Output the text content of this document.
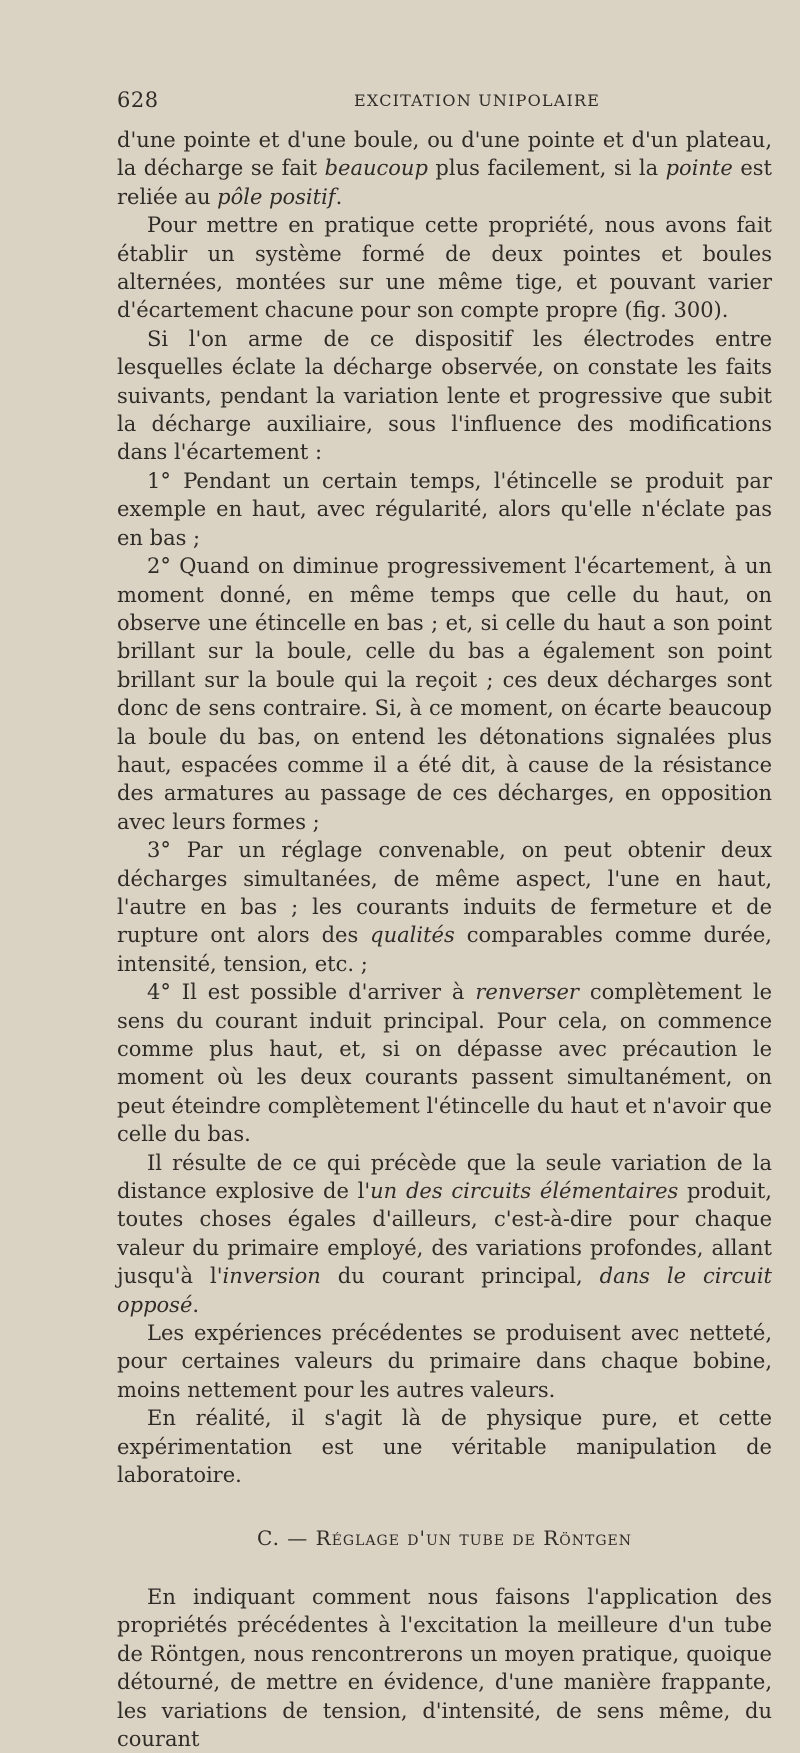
628	EXCITATION UNIPOLAIRE

d'une pointe et d'une boule, ou d'une pointe et d'un plateau, la décharge se fait beaucoup plus facilement, si la pointe est reliée au pôle positif.

Pour mettre en pratique cette propriété, nous avons fait établir un système formé de deux pointes et boules alternées, montées sur une même tige, et pouvant varier d'écartement chacune pour son compte propre (fig. 300).

Si l'on arme de ce dispositif les électrodes entre lesquelles éclate la décharge observée, on constate les faits suivants, pendant la variation lente et progressive que subit la décharge auxiliaire, sous l'influence des modifications dans l'écartement :

1° Pendant un certain temps, l'étincelle se produit par exemple en haut, avec régularité, alors qu'elle n'éclate pas en bas ;

2° Quand on diminue progressivement l'écartement, à un moment donné, en même temps que celle du haut, on observe une étincelle en bas ; et, si celle du haut a son point brillant sur la boule, celle du bas a également son point brillant sur la boule qui la reçoit ; ces deux décharges sont donc de sens contraire. Si, à ce moment, on écarte beaucoup la boule du bas, on entend les détonations signalées plus haut, espacées comme il a été dit, à cause de la résistance des armatures au passage de ces décharges, en opposition avec leurs formes ;

3° Par un réglage convenable, on peut obtenir deux décharges simultanées, de même aspect, l'une en haut, l'autre en bas ; les courants induits de fermeture et de rupture ont alors des qualités comparables comme durée, intensité, tension, etc. ;

4° Il est possible d'arriver à renverser complètement le sens du courant induit principal. Pour cela, on commence comme plus haut, et, si on dépasse avec précaution le moment où les deux courants passent simultanément, on peut éteindre complètement l'étincelle du haut et n'avoir que celle du bas.

Il résulte de ce qui précède que la seule variation de la distance explosive de l'un des circuits élémentaires produit, toutes choses égales d'ailleurs, c'est-à-dire pour chaque valeur du primaire employé, des variations profondes, allant jusqu'à l'inversion du courant principal, dans le circuit opposé.

Les expériences précédentes se produisent avec netteté, pour certaines valeurs du primaire dans chaque bobine, moins nettement pour les autres valeurs.

En réalité, il s'agit là de physique pure, et cette expérimentation est une véritable manipulation de laboratoire.

C. — Réglage d'un tube de Röntgen

En indiquant comment nous faisons l'application des propriétés précédentes à l'excitation la meilleure d'un tube de Röntgen, nous rencontrerons un moyen pratique, quoique détourné, de mettre en évidence, d'une manière frappante, les variations de tension, d'intensité, de sens même, du courant
